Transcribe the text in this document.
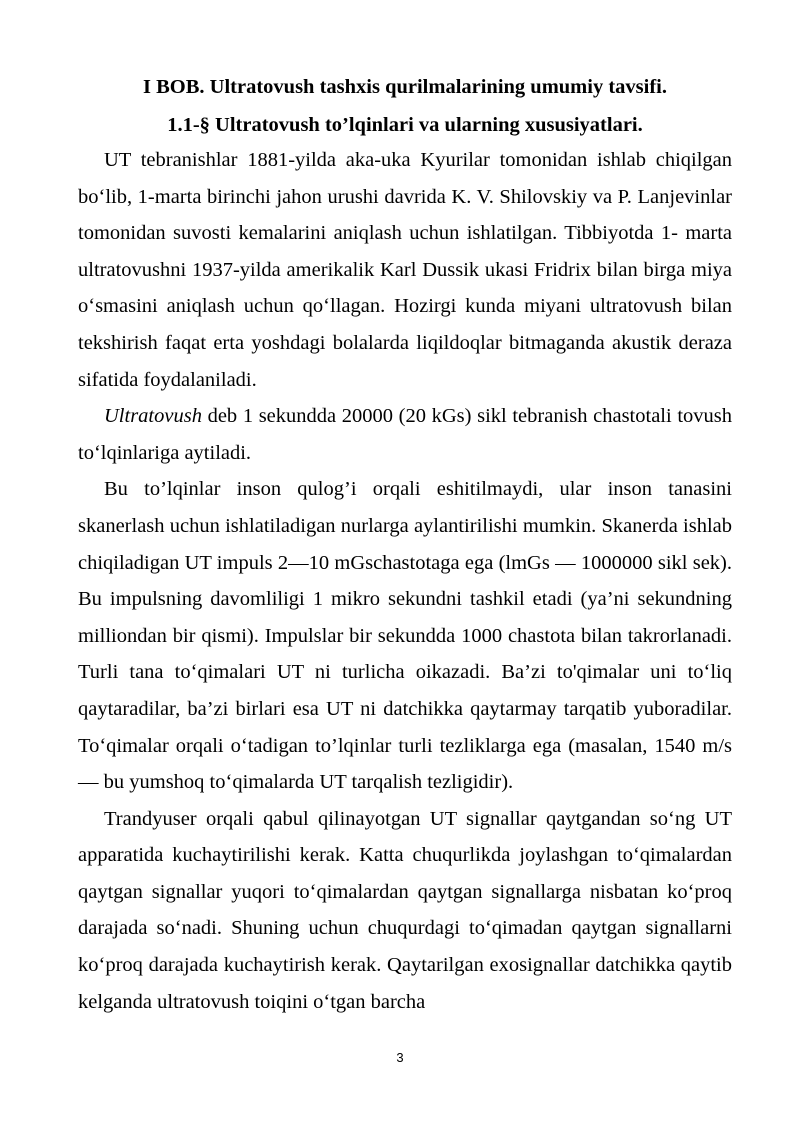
I BOB. Ultratovush tashxis qurilmalarining umumiy tavsifi.
1.1-§ Ultratovush to’lqinlari va ularning xususiyatlari.

UT tebranishlar 1881-yilda aka-uka Kyurilar tomonidan ishlab chiqilgan bo‘lib, 1-marta birinchi jahon urushi davrida K. V. Shilovskiy va P. Lanjevinlar tomonidan suvosti kemalarini aniqlash uchun ishlatilgan. Tibbiyotda 1- marta ultratovushni 1937-yilda amerikalik Karl Dussik ukasi Fridrix bilan birga miya o‘smasini aniqlash uchun qo‘llagan. Hozirgi kunda miyani ultratovush bilan tekshirish faqat erta yoshdagi bolalarda liqildoqlar bitmaganda akustik deraza sifatida foydalaniladi.

Ultratovush deb 1 sekundda 20000 (20 kGs) sikl tebranish chastotali tovush to‘lqinlariga aytiladi.

Bu to’lqinlar inson qulog’i orqali eshitilmaydi, ular inson tanasini skanerlash uchun ishlatiladigan nurlarga aylantirilishi mumkin. Skanerda ishlab chiqiladigan UT impuls 2—10 mGschastotaga ega (lmGs — 1000000 sikl sek). Bu impulsning davomliligi 1 mikro sekundni tashkil etadi (ya’ni sekundning milliondan bir qismi). Impulslar bir sekundda 1000 chastota bilan takrorlanadi. Turli tana to‘qimalari UT ni turlicha oikazadi. Ba’zi to'qimalar uni to‘liq qaytaradilar, ba’zi birlari esa UT ni datchikka qaytarmay tarqatib yuboradilar. To‘qimalar orqali o‘tadigan to’lqinlar turli tezliklarga ega (masalan, 1540 m/s — bu yumshoq to‘qimalarda UT tarqalish tezligidir).

Trandyuser orqali qabul qilinayotgan UT signallar qaytgandan so‘ng UT apparatida kuchaytirilishi kerak. Katta chuqurlikda joylashgan to‘qimalardan qaytgan signallar yuqori to‘qimalardan qaytgan signallarga nisbatan ko‘proq darajada so‘nadi. Shuning uchun chuqurdagi to‘qimadan qaytgan signallarni ko‘proq darajada kuchaytirish kerak. Qaytarilgan exosignallar datchikka qaytib kelganda ultratovush toiqini o‘tgan barcha

3
